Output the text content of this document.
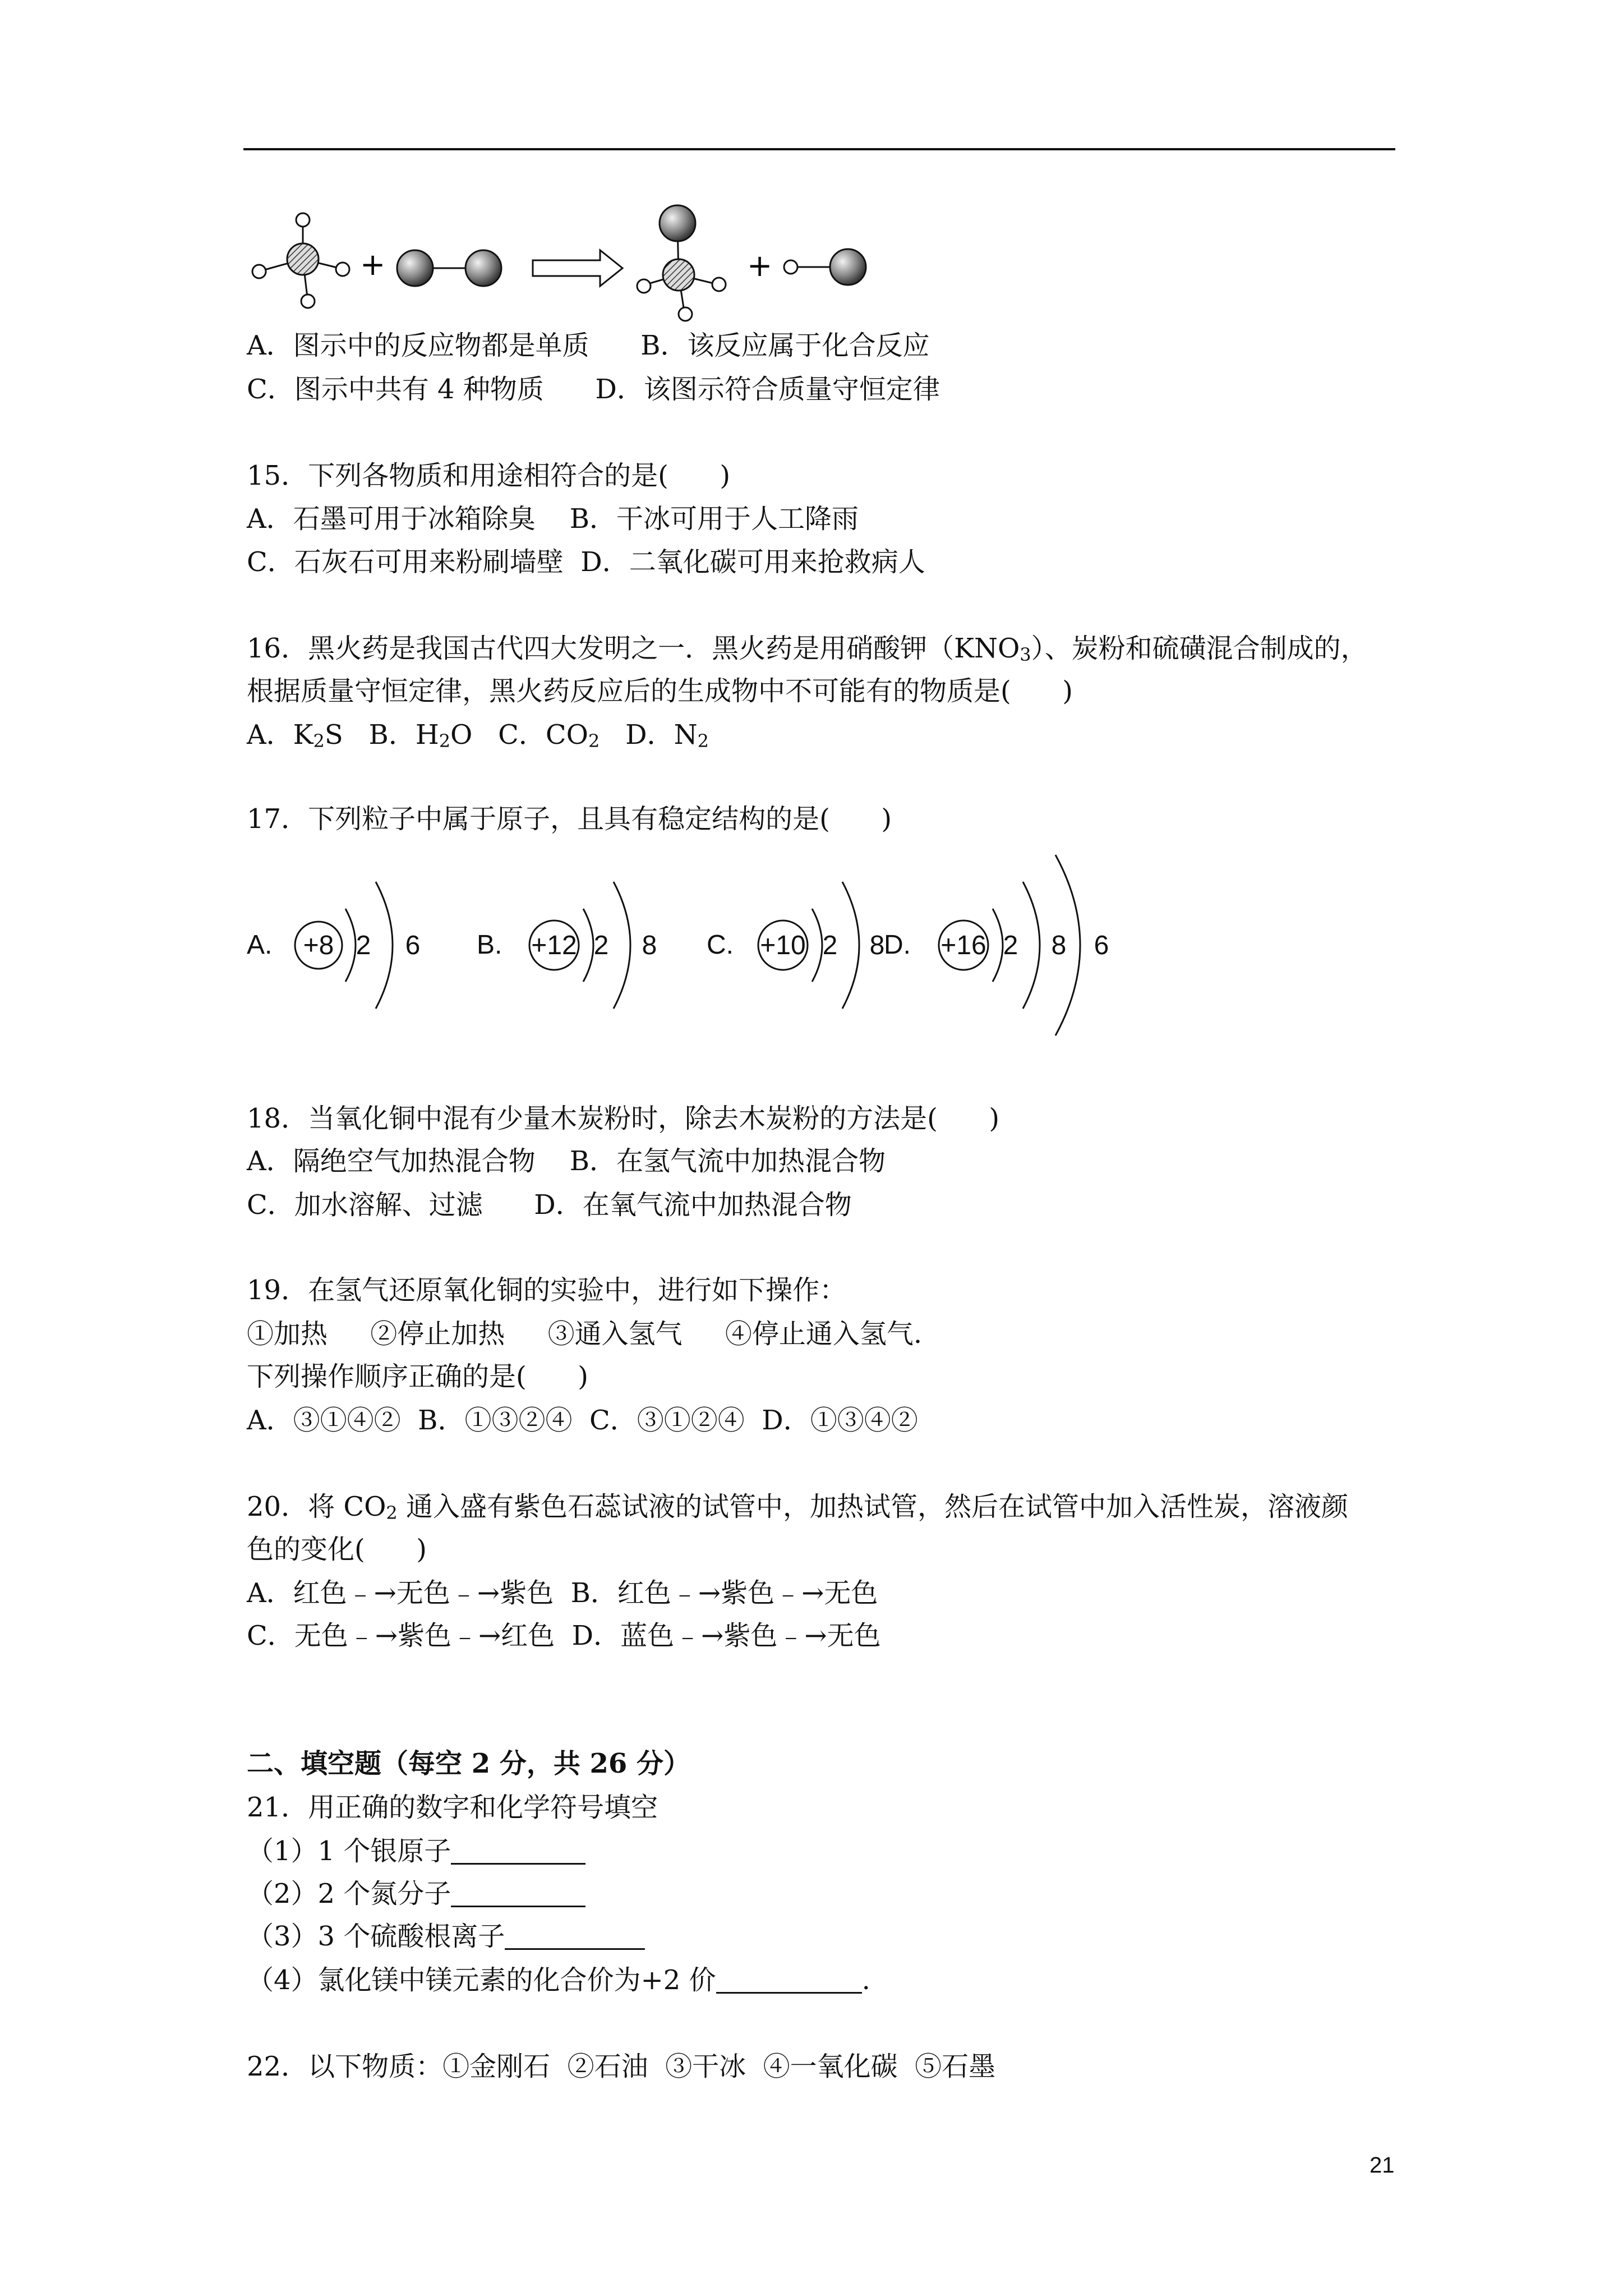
+	+
A．图示中的反应物都是单质      B．该反应属于化合反应
C．图示中共有 4 种物质      D．该图示符合质量守恒定律
15．下列各物质和用途相符合的是(      )
A．石墨可用于冰箱除臭    B．干冰可用于人工降雨
C．石灰石可用来粉刷墙壁  D．二氧化碳可用来抢救病人
16．黑火药是我国古代四大发明之一．黑火药是用硝酸钾$(KNO_3)$、炭粉和硫磺混合制成的，
根据质量守恒定律，黑火药反应后的生成物中不可能有的物质是(      )
A．$K_2S$   B．$H_2O$   C．$CO_2$   D．$N_2$
17．下列粒子中属于原子，且具有稳定结构的是(      )
A. +8 2 6 B. +12 2 8 C. +10 2 8
D. +16 2 8 6
18．当氧化铜中混有少量木炭粉时，除去木炭粉的方法是(      )
A．隔绝空气加热混合物    B．在氢气流中加热混合物
C．加水溶解、过滤      D．在氧气流中加热混合物
19．在氢气还原氧化铜的实验中，进行如下操作：
①加热     ②停止加热     ③通入氢气     ④停止通入氢气.
下列操作顺序正确的是(      )
A．③①④②  B．①③②④  C．③①②④  D．①③④②
20．将 $CO_2$ 通入盛有紫色石蕊试液的试管中，加热试管，然后在试管中加入活性炭，溶液颜
色的变化(      )
A．红色﹣→无色﹣→紫色  B．红色﹣→紫色﹣→无色
C．无色﹣→紫色﹣→红色  D．蓝色﹣→紫色﹣→无色
二、填空题（每空 2 分，共 26 分）
21．用正确的数字和化学符号填空
（1）1 个银原子
（2）2 个氮分子
（3）3 个硫酸根离子
（4）氯化镁中镁元素的化合价为+2 价	.
22．以下物质：①金刚石  ②石油  ③干冰  ④一氧化碳  ⑤石墨
21
